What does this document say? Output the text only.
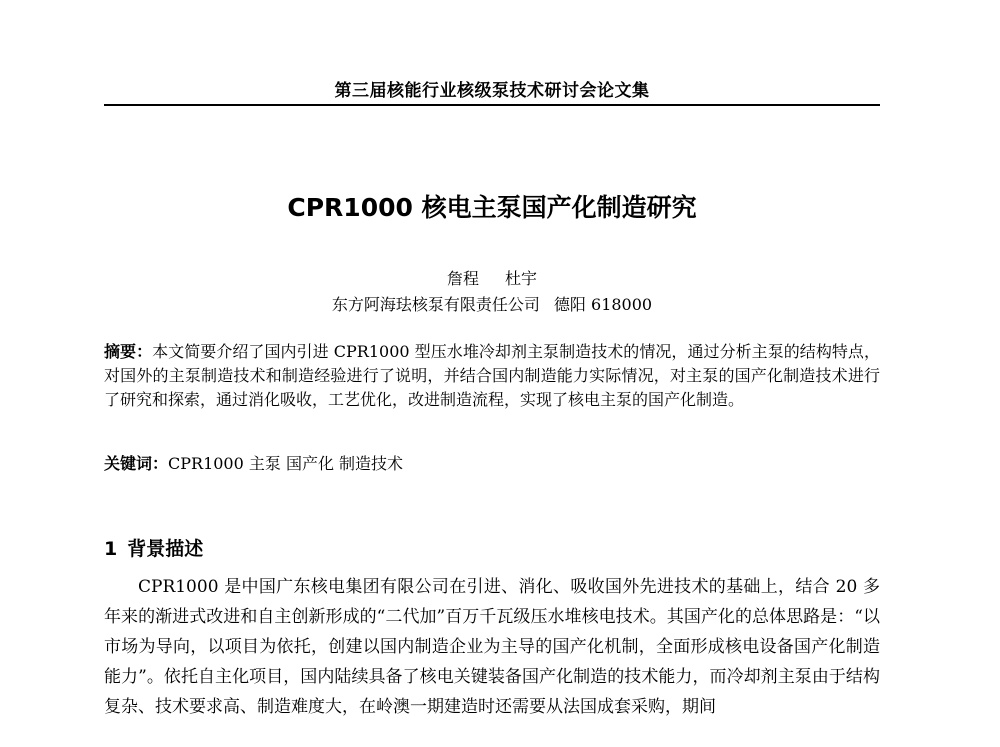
第三届核能行业核级泵技术研讨会论文集
CPR1000 核电主泵国产化制造研究
詹程 杜宇
东方阿海珐核泵有限责任公司 德阳 618000
摘要：本文简要介绍了国内引进 CPR1000 型压水堆冷却剂主泵制造技术的情况，通过分析主泵的结构特点，对国外的主泵制造技术和制造经验进行了说明，并结合国内制造能力实际情况，对主泵的国产化制造技术进行了研究和探索，通过消化吸收，工艺优化，改进制造流程，实现了核电主泵的国产化制造。
关键词：CPR1000 主泵 国产化 制造技术
1 背景描述

CPR1000 是中国广东核电集团有限公司在引进、消化、吸收国外先进技术的基础上，结合 20 多年来的渐进式改进和自主创新形成的“二代加”百万千瓦级压水堆核电技术。其国产化的总体思路是：“以市场为导向，以项目为依托，创建以国内制造企业为主导的国产化机制，全面形成核电设备国产化制造能力”。依托自主化项目，国内陆续具备了核电关键装备国产化制造的技术能力，而冷却剂主泵由于结构复杂、技术要求高、制造难度大，在岭澳一期建造时还需要从法国成套采购，期间
